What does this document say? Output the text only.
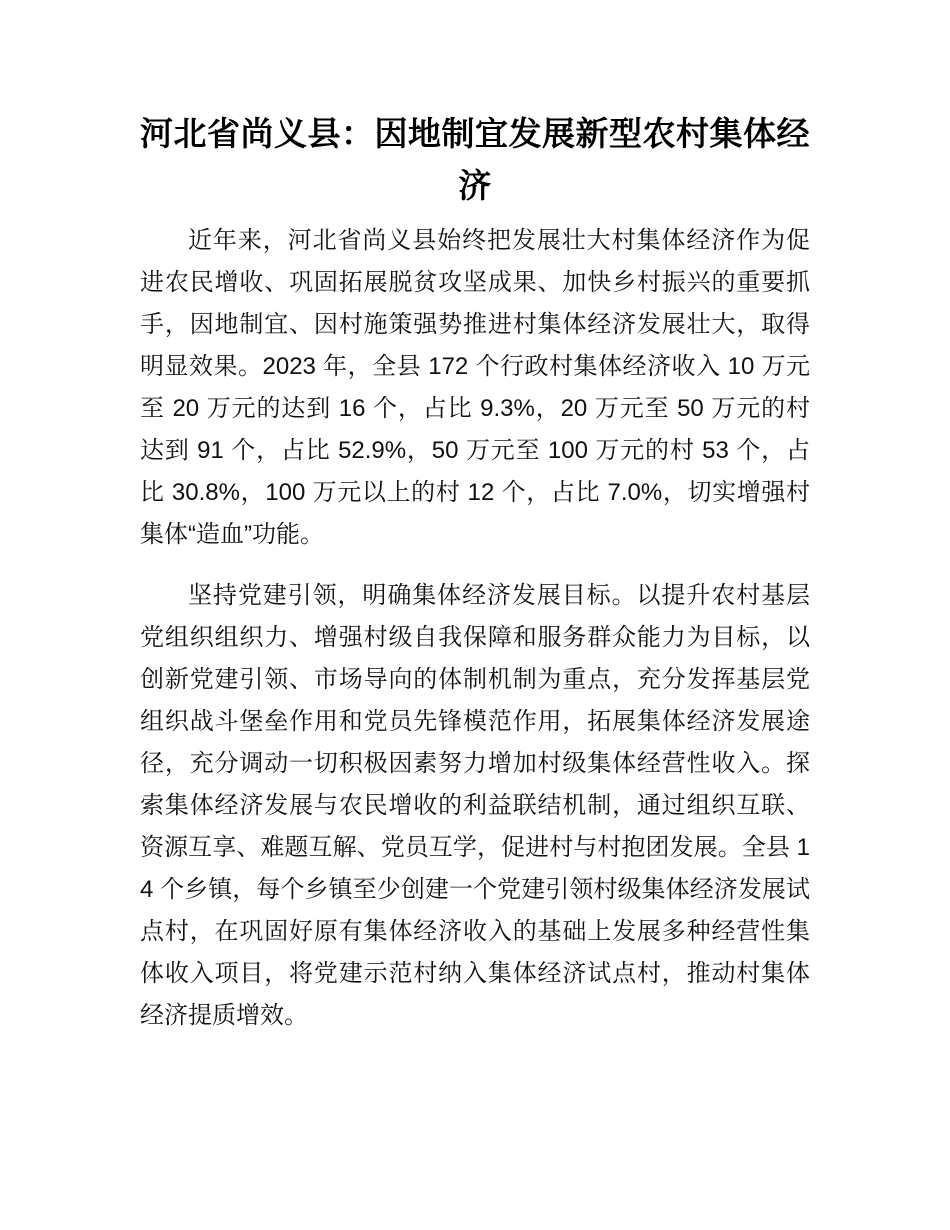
河北省尚义县：因地制宜发展新型农村集体经济

近年来，河北省尚义县始终把发展壮大村集体经济作为促进农民增收、巩固拓展脱贫攻坚成果、加快乡村振兴的重要抓手，因地制宜、因村施策强势推进村集体经济发展壮大，取得明显效果。2023 年，全县 172 个行政村集体经济收入 10 万元至 20 万元的达到 16 个，占比 9.3%，20 万元至 50 万元的村达到 91 个，占比 52.9%，50 万元至 100 万元的村 53 个，占比 30.8%，100 万元以上的村 12 个，占比 7.0%，切实增强村集体“造血”功能。

坚持党建引领，明确集体经济发展目标。以提升农村基层党组织组织力、增强村级自我保障和服务群众能力为目标，以创新党建引领、市场导向的体制机制为重点，充分发挥基层党组织战斗堡垒作用和党员先锋模范作用，拓展集体经济发展途径，充分调动一切积极因素努力增加村级集体经营性收入。探索集体经济发展与农民增收的利益联结机制，通过组织互联、资源互享、难题互解、党员互学，促进村与村抱团发展。全县 14 个乡镇，每个乡镇至少创建一个党建引领村级集体经济发展试点村，在巩固好原有集体经济收入的基础上发展多种经营性集体收入项目，将党建示范村纳入集体经济试点村，推动村集体经济提质增效。
